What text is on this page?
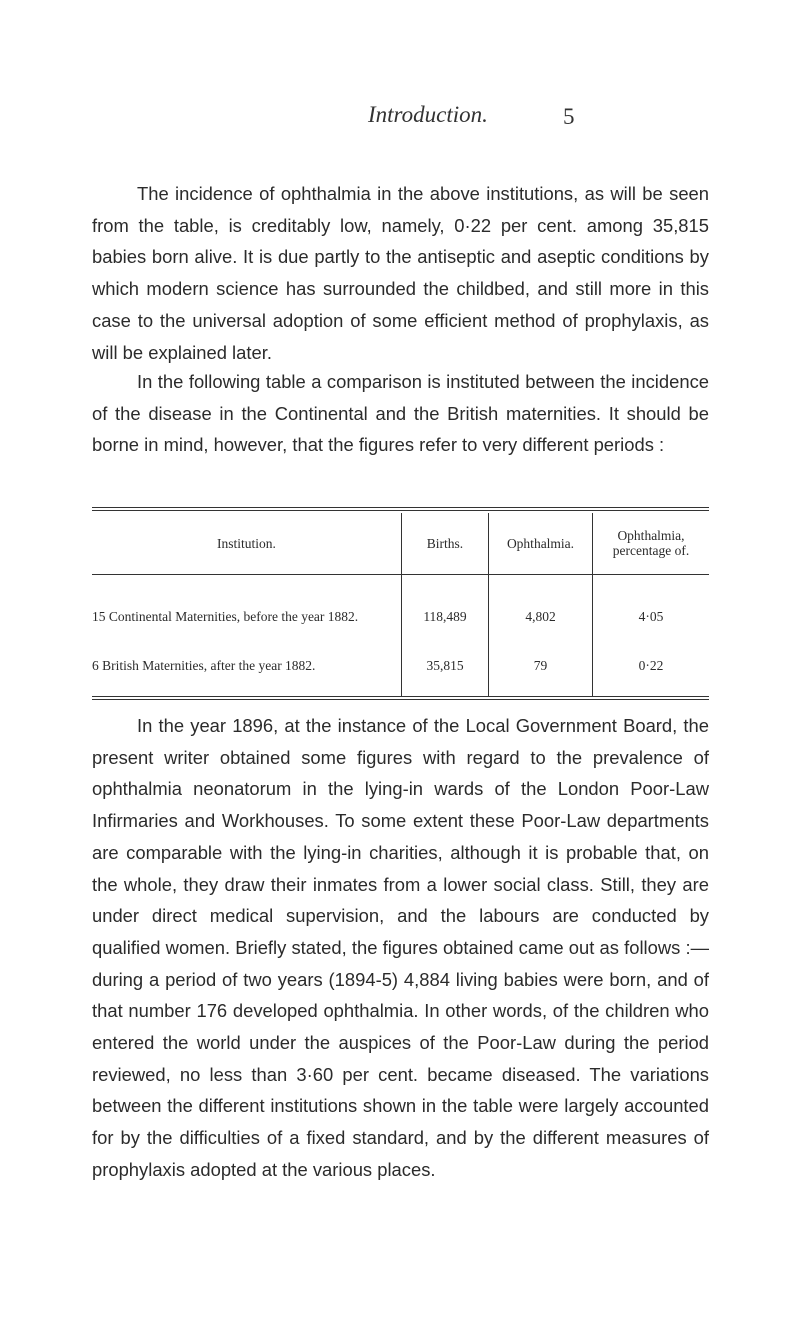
Introduction.	5

The incidence of ophthalmia in the above institutions, as will be seen from the table, is creditably low, namely, 0·22 per cent. among 35,815 babies born alive. It is due partly to the antiseptic and aseptic conditions by which modern science has surrounded the childbed, and still more in this case to the universal adoption of some efficient method of prophylaxis, as will be explained later.

In the following table a comparison is instituted between the incidence of the disease in the Continental and the British maternities. It should be borne in mind, however, that the figures refer to very different periods :

Institution.	Births.	Ophthalmia.	Ophthalmia, percentage of.
15 Continental Maternities, before the year 1882.	118,489	4,802	4·05
6 British Maternities, after the year 1882.	35,815	79	0·22

In the year 1896, at the instance of the Local Government Board, the present writer obtained some figures with regard to the prevalence of ophthalmia neonatorum in the lying-in wards of the London Poor-Law Infirmaries and Workhouses. To some extent these Poor-Law departments are comparable with the lying-in charities, although it is probable that, on the whole, they draw their inmates from a lower social class. Still, they are under direct medical supervision, and the labours are conducted by qualified women. Briefly stated, the figures obtained came out as follows :—during a period of two years (1894-5) 4,884 living babies were born, and of that number 176 developed ophthalmia. In other words, of the children who entered the world under the auspices of the Poor-Law during the period reviewed, no less than 3·60 per cent. became diseased. The variations between the different institutions shown in the table were largely accounted for by the difficulties of a fixed standard, and by the different measures of prophylaxis adopted at the various places.
